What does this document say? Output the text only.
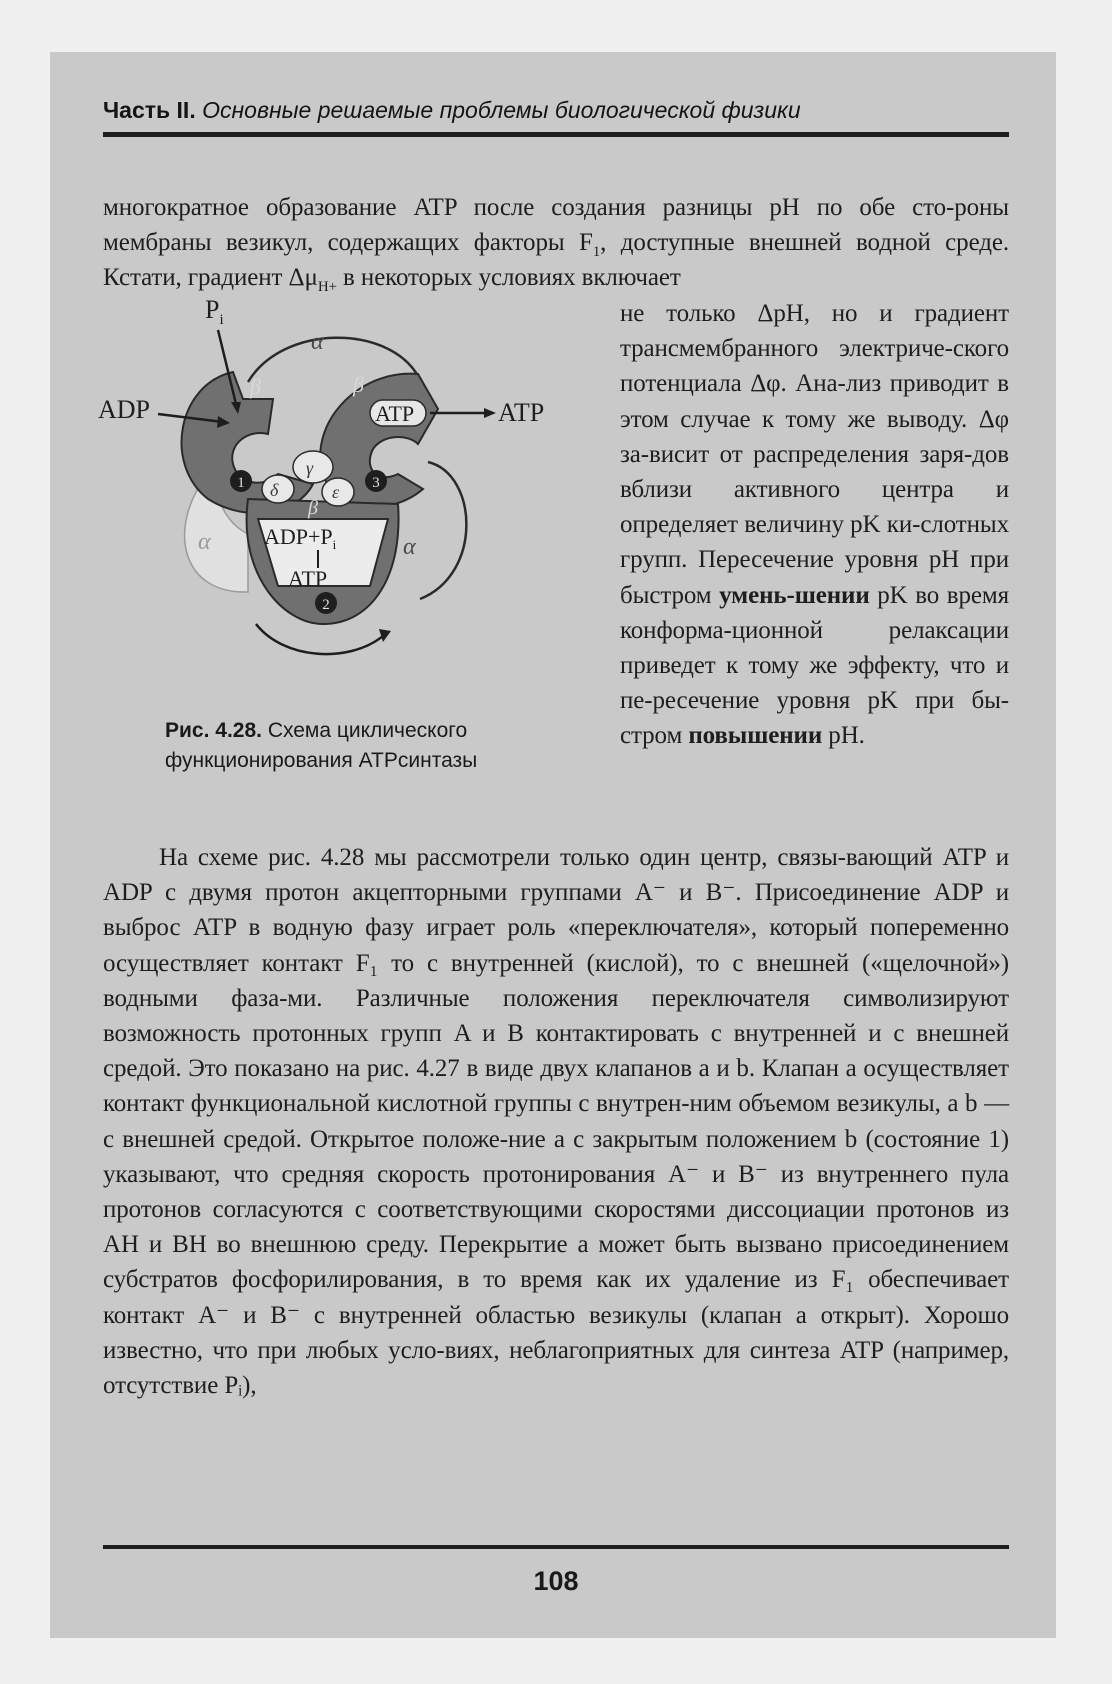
Часть II. Основные решаемые проблемы биологической физики
многократное образование ATP после создания разницы pH по обе сто-роны мембраны везикул, содержащих факторы $F_1$, доступные внешней водной среде. Кстати, градиент $\Delta\mu_{H+}$ в некоторых условиях включает
не только ΔpH, но и градиент трансмембранного электриче-ского потенциала Δφ. Ана-лиз приводит в этом случае к тому же выводу. Δφ за-висит от распределения заря-дов вблизи активного центра и определяет величину pK ки-слотных групп. Пересечение уровня pH при быстром умень-шении pK во время конформа-ционной релаксации приведет к тому же эффекту, что и пе-ресечение уровня pK при бы-стром повышении pH.
1	3
2
α
α	α
β	β
β
γ
δ	ε
$P_i$
ADP	ATP	ATP
$ADP+P_i$
ATP
Рис. 4.28. Схема циклического функционирования ATPсинтазы
На схеме рис. 4.28 мы рассмотрели только один центр, связы-вающий ATP и ADP с двумя протон акцепторными группами A⁻ и B⁻. Присоединение ADP и выброс ATP в водную фазу играет роль «переключателя», который попеременно осуществляет контакт F₁ то с внутренней (кислой), то с внешней («щелочной») водными фаза-ми. Различные положения переключателя символизируют возможность протонных групп A и B контактировать с внутренней и с внешней средой. Это показано на рис. 4.27 в виде двух клапанов a и b. Клапан a осуществляет контакт функциональной кислотной группы с внутрен-ним объемом везикулы, а b — с внешней средой. Открытое положе-ние a с закрытым положением b (состояние 1) указывают, что средняя скорость протонирования A⁻ и B⁻ из внутреннего пула протонов согласуются с соответствующими скоростями диссоциации протонов из AH и BH во внешнюю среду. Перекрытие a может быть вызвано присоединением субстратов фосфорилирования, в то время как их удаление из F₁ обеспечивает контакт A⁻ и B⁻ с внутренней областью везикулы (клапан a открыт). Хорошо известно, что при любых усло-виях, неблагоприятных для синтеза ATP (например, отсутствие Pᵢ),
108
